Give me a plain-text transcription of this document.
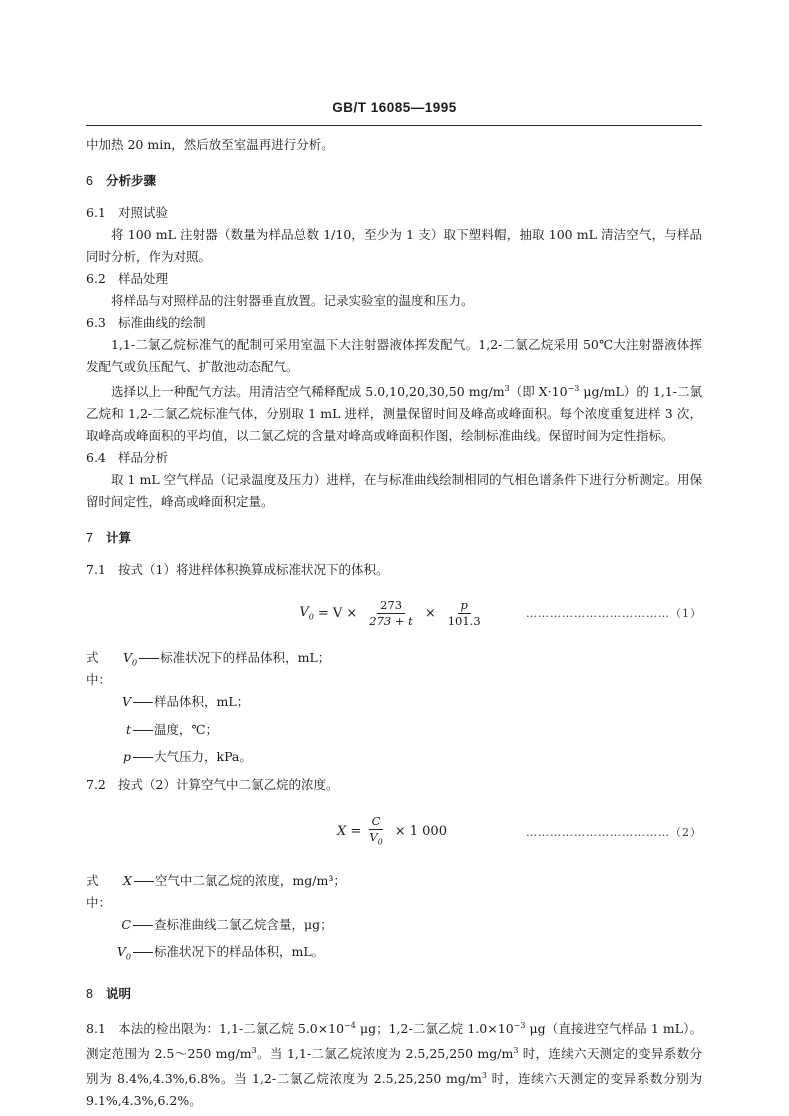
GB/T 16085—1995

中加热 20 min，然后放至室温再进行分析。

6 分析步骤
6.1 对照试验

将 100 mL 注射器（数量为样品总数 1/10，至少为 1 支）取下塑料帽，抽取 100 mL 清洁空气，与样品同时分析，作为对照。

6.2 样品处理

将样品与对照样品的注射器垂直放置。记录实验室的温度和压力。

6.3 标准曲线的绘制

1,1-二氯乙烷标准气的配制可采用室温下大注射器液体挥发配气。1,2-二氯乙烷采用 50℃大注射器液体挥发配气或负压配气、扩散池动态配气。

选择以上一种配气方法。用清洁空气稀释配成 5.0,10,20,30,50 $mg/m^3$（即 $X\cdot 10^{-3}$ μg/mL）的 1,1-二氯乙烷和 1,2-二氯乙烷标准气体，分别取 1 mL 进样，测量保留时间及峰高或峰面积。每个浓度重复进样 3 次，取峰高或峰面积的平均值，以二氯乙烷的含量对峰高或峰面积作图，绘制标准曲线。保留时间为定性指标。

6.4 样品分析

取 1 mL 空气样品（记录温度及压力）进样，在与标准曲线绘制相同的气相色谱条件下进行分析测定。用保留时间定性，峰高或峰面积定量。

7 计算

7.1 按式（1）将进样体积换算成标准状况下的体积。

$V_0 = V \times \frac{273}{273 + t} \times \frac{p}{101.3}$	………………………………（1）
式中：
$V_0$ 标准状况下的样品体积，mL；
V 样品体积，mL；
t 温度，℃；
p 大气压力，kPa。

7.2 按式（2）计算空气中二氯乙烷的浓度。

$X = \frac{C}{V_0} \times 1$ 000	………………………………（2）
式中：
X 空气中二氯乙烷的浓度，mg/m³；
C 查标准曲线二氯乙烷含量，μg；
$V_0$ 标准状况下的样品体积，mL。
8 说明

8.1 本法的检出限为：1,1-二氯乙烷 $5.0\times 10^{-4}$ μg；1,2-二氯乙烷 $1.0\times 10^{-3}$ μg（直接进空气样品 1 mL）。测定范围为 2.5～250 $mg/m^3$。当 1,1-二氯乙烷浓度为 2.5,25,250 $mg/m^3$ 时，连续六天测定的变异系数分别为 8.4%,4.3%,6.8%。当 1,2-二氯乙烷浓度为 2.5,25,250 $mg/m^3$ 时，连续六天测定的变异系数分别为 9.1%,4.3%,6.2%。
